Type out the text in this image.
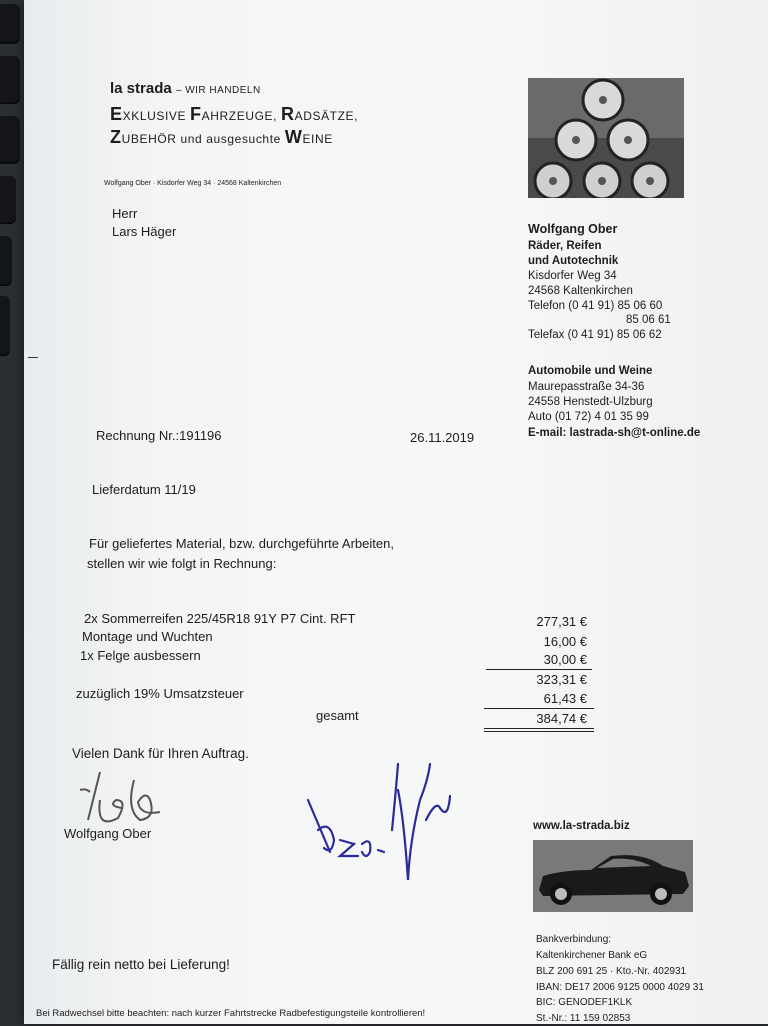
la strada – WIR HANDELN
EXKLUSIVE FAHRZEUGE, RADSÄTZE,
ZUBEHÖR und ausgesuchte WEINE
Wolfgang Ober · Kisdorfer Weg 34 · 24568 Kaltenkirchen
Herr
Lars Häger	Wolfgang Ober
Räder, Reifen
und Autotechnik
Kisdorfer Weg 34
24568 Kaltenkirchen
Telefon (0 41 91) 85 06 60
85 06 61
Telefax (0 41 91) 85 06 62
Automobile und Weine
Maurepasstraße 34-36
24558 Henstedt-Ulzburg
Auto (01 72) 4 01 35 99
E-mail: lastrada-sh@t-online.de
Rechnung Nr.:191196	26.11.2019
Lieferdatum 11/19
Für geliefertes Material, bzw. durchgeführte Arbeiten,
stellen wir wie folgt in Rechnung:
2x Sommerreifen 225/45R18 91Y P7 Cint. RFT	277,31 €
Montage und Wuchten	16,00 €
1x Felge ausbessern	30,00 €
323,31 €
zuzüglich 19% Umsatzsteuer	61,43 €
gesamt	384,74 €
Vielen Dank für Ihren Auftrag.
Wolfgang Ober	www.la-strada.biz
Bankverbindung:
Kaltenkirchener Bank eG
BLZ 200 691 25 · Kto.-Nr. 402931
IBAN: DE17 2006 9125 0000 4029 31
BIC: GENODEF1KLK
St.-Nr.: 11 159 02853
Fällig rein netto bei Lieferung!
Bei Radwechsel bitte beachten: nach kurzer Fahrtstrecke Radbefestigungsteile kontrollieren!
